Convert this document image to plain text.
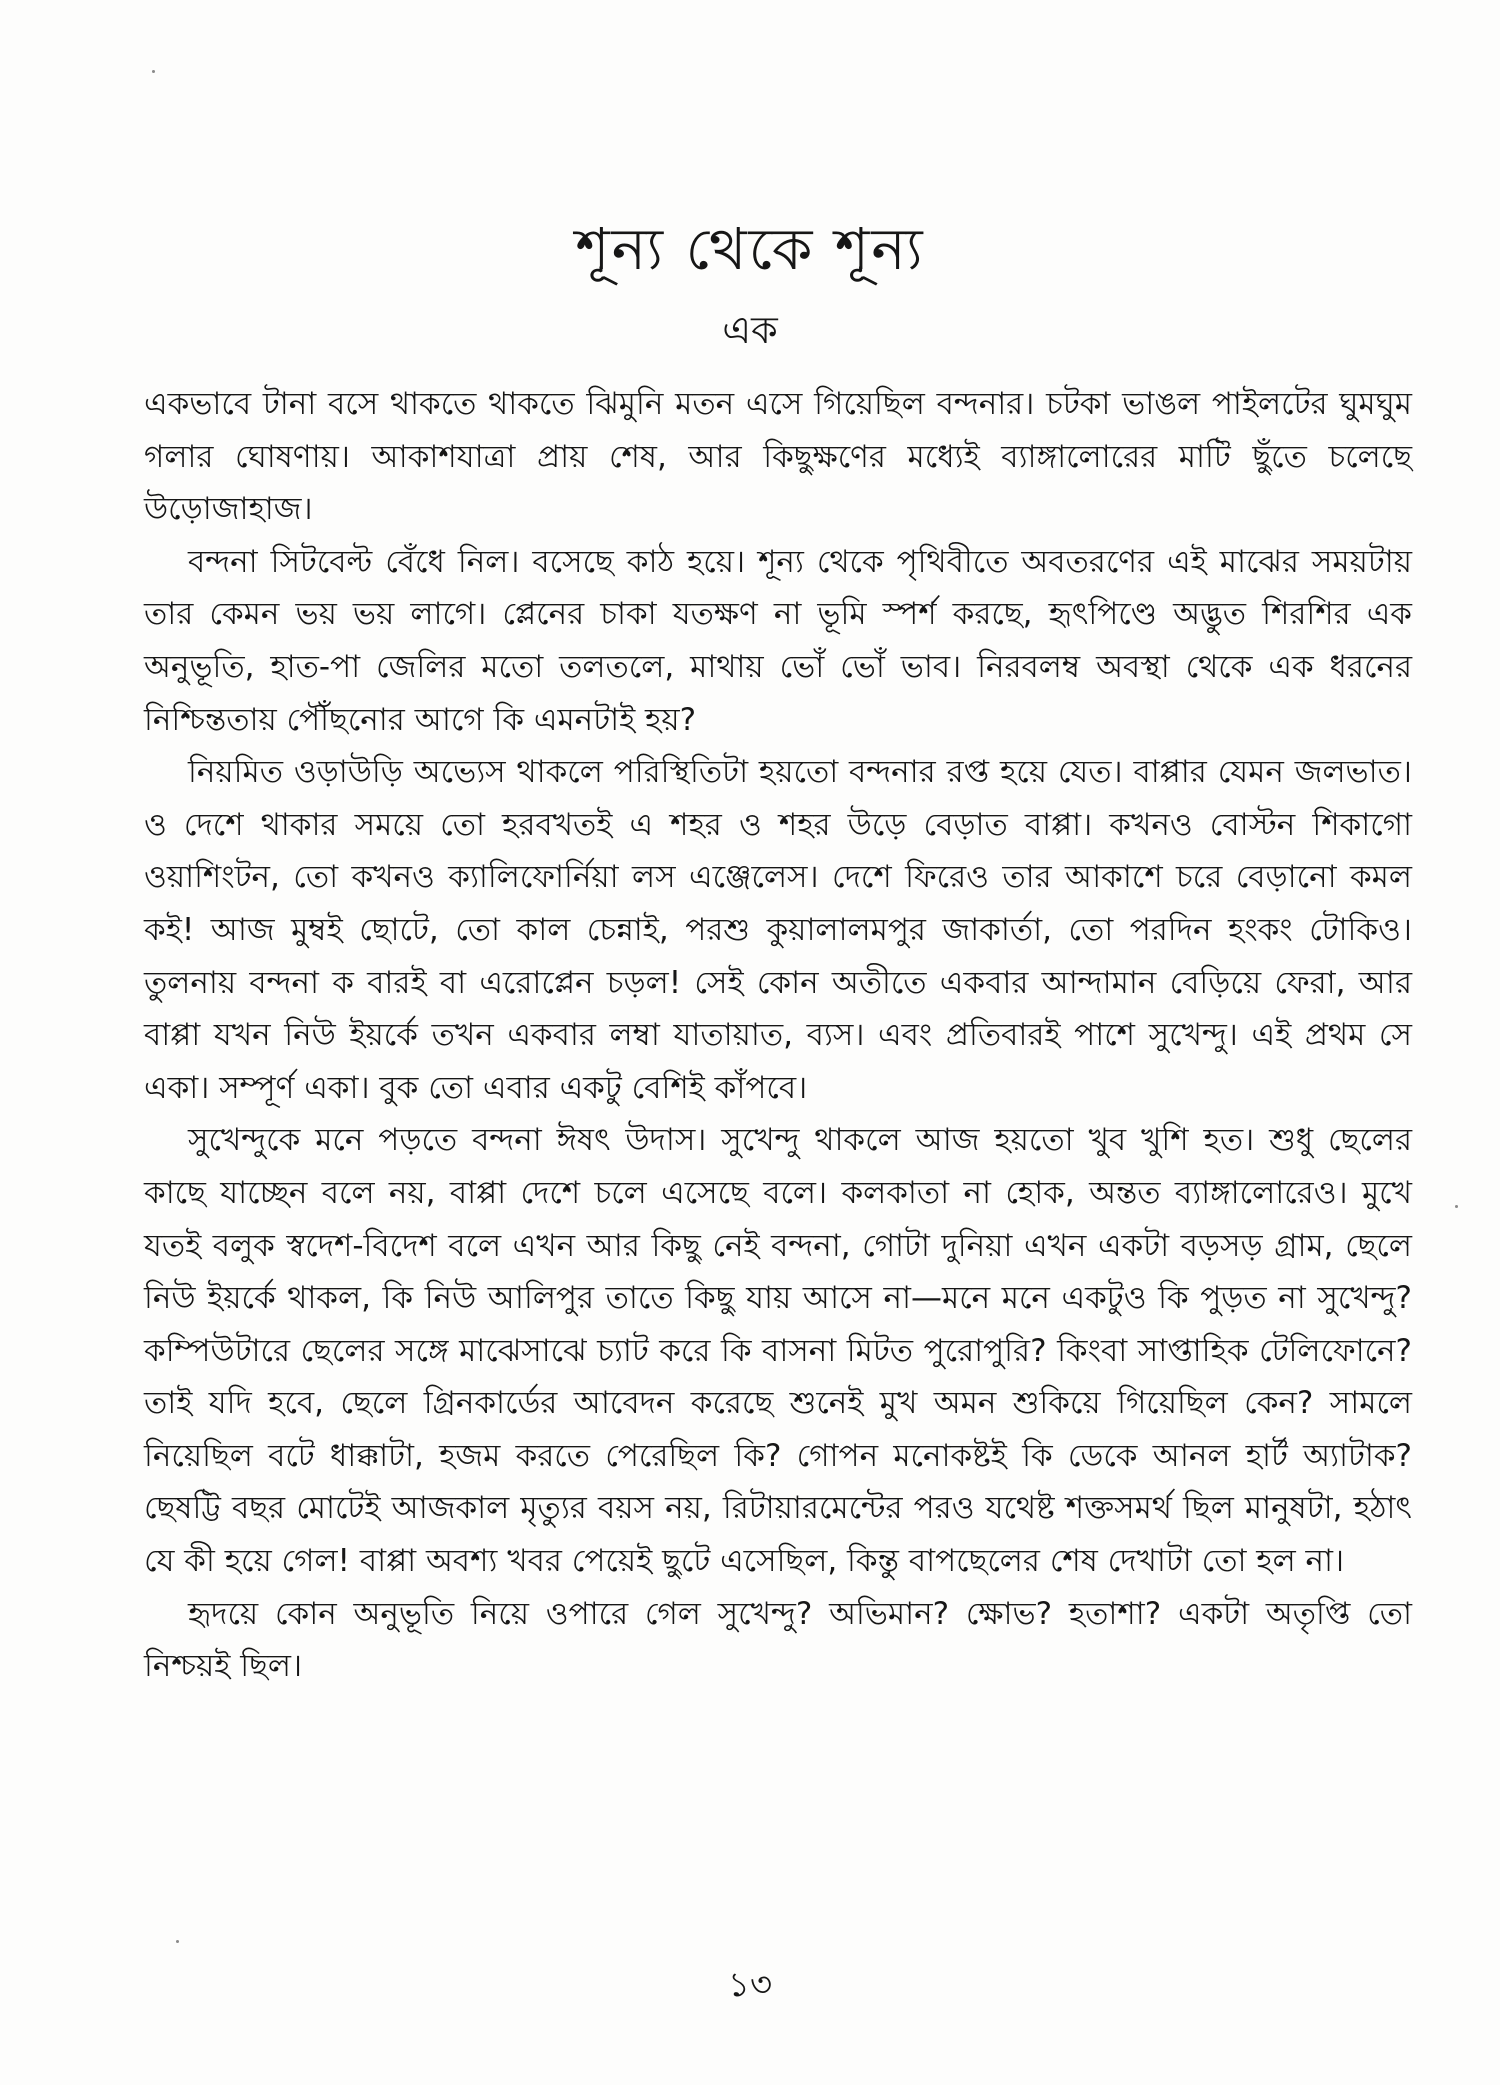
শূন্য থেকে শূন্য
এক

একভাবে টানা বসে থাকতে থাকতে ঝিমুনি মতন এসে গিয়েছিল বন্দনার। চটকা ভাঙল পাইলটের ঘুমঘুম গলার ঘোষণায়। আকাশযাত্রা প্রায় শেষ, আর কিছুক্ষণের মধ্যেই ব্যাঙ্গালোরের মাটি ছুঁতে চলেছে উড়োজাহাজ।

বন্দনা সিটবেল্ট বেঁধে নিল। বসেছে কাঠ হয়ে। শূন্য থেকে পৃথিবীতে অবতরণের এই মাঝের সময়টায় তার কেমন ভয় ভয় লাগে। প্লেনের চাকা যতক্ষণ না ভূমি স্পর্শ করছে, হৃৎপিণ্ডে অদ্ভুত শিরশির এক অনুভূতি, হাত-পা জেলির মতো তলতলে, মাথায় ভোঁ ভোঁ ভাব। নিরবলম্ব অবস্থা থেকে এক ধরনের নিশ্চিন্ততায় পৌঁছনোর আগে কি এমনটাই হয়?

নিয়মিত ওড়াউড়ি অভ্যেস থাকলে পরিস্থিতিটা হয়তো বন্দনার রপ্ত হয়ে যেত। বাপ্পার যেমন জলভাত। ও দেশে থাকার সময়ে তো হরবখতই এ শহর ও শহর উড়ে বেড়াত বাপ্পা। কখনও বোস্টন শিকাগো ওয়াশিংটন, তো কখনও ক্যালিফোর্নিয়া লস এঞ্জেলেস। দেশে ফিরেও তার আকাশে চরে বেড়ানো কমল কই! আজ মুম্বই ছোটে, তো কাল চেন্নাই, পরশু কুয়ালালমপুর জাকার্তা, তো পরদিন হংকং টোকিও। তুলনায় বন্দনা ক বারই বা এরোপ্লেন চড়ল! সেই কোন অতীতে একবার আন্দামান বেড়িয়ে ফেরা, আর বাপ্পা যখন নিউ ইয়র্কে তখন একবার লম্বা যাতায়াত, ব্যস। এবং প্রতিবারই পাশে সুখেন্দু। এই প্রথম সে একা। সম্পূর্ণ একা। বুক তো এবার একটু বেশিই কাঁপবে।

সুখেন্দুকে মনে পড়তে বন্দনা ঈষৎ উদাস। সুখেন্দু থাকলে আজ হয়তো খুব খুশি হত। শুধু ছেলের কাছে যাচ্ছেন বলে নয়, বাপ্পা দেশে চলে এসেছে বলে। কলকাতা না হোক, অন্তত ব্যাঙ্গালোরেও। মুখে যতই বলুক স্বদেশ-বিদেশ বলে এখন আর কিছু নেই বন্দনা, গোটা দুনিয়া এখন একটা বড়সড় গ্রাম, ছেলে নিউ ইয়র্কে থাকল, কি নিউ আলিপুর তাতে কিছু যায় আসে না—মনে মনে একটুও কি পুড়ত না সুখেন্দু? কম্পিউটারে ছেলের সঙ্গে মাঝেসাঝে চ্যাট করে কি বাসনা মিটত পুরোপুরি? কিংবা সাপ্তাহিক টেলিফোনে? তাই যদি হবে, ছেলে গ্রিনকার্ডের আবেদন করেছে শুনেই মুখ অমন শুকিয়ে গিয়েছিল কেন? সামলে নিয়েছিল বটে ধাক্কাটা, হজম করতে পেরেছিল কি? গোপন মনোকষ্টই কি ডেকে আনল হার্ট অ্যাটাক? ছেষট্টি বছর মোটেই আজকাল মৃত্যুর বয়স নয়, রিটায়ারমেন্টের পরও যথেষ্ট শক্তসমর্থ ছিল মানুষটা, হঠাৎ যে কী হয়ে গেল! বাপ্পা অবশ্য খবর পেয়েই ছুটে এসেছিল, কিন্তু বাপছেলের শেষ দেখাটা তো হল না।

হৃদয়ে কোন অনুভূতি নিয়ে ওপারে গেল সুখেন্দু? অভিমান? ক্ষোভ? হতাশা? একটা অতৃপ্তি তো নিশ্চয়ই ছিল।

১৩
